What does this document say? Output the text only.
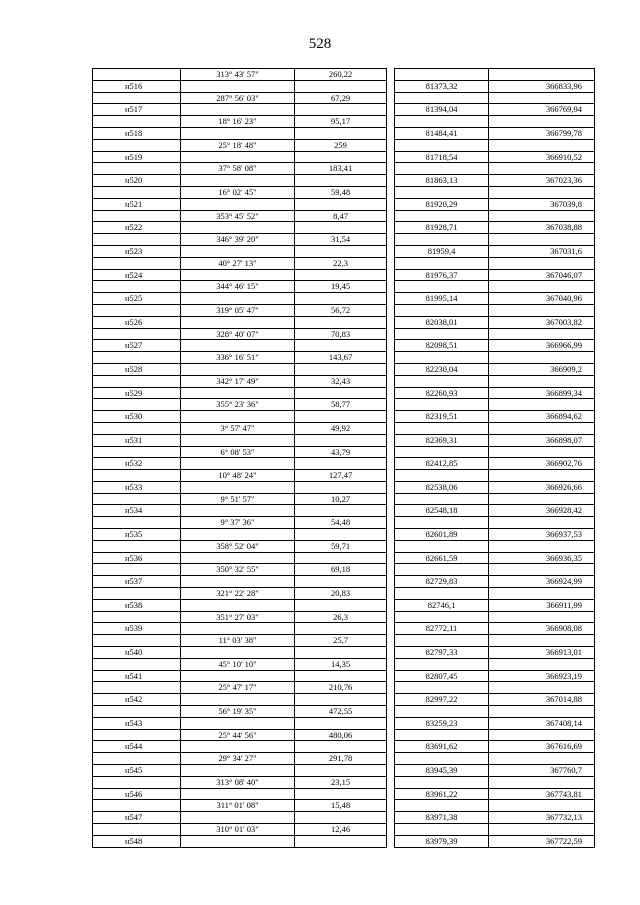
528
	313° 43' 57"	260,22			
н516				81373,32	366833,96
	287° 56' 03"	67,29			
н517				81394,04	366769,94
	18° 16' 23"	95,17			
н518				81484,41	366799,78
	25° 18' 48"	259			
н519				81718,54	366910,52
	37° 58' 08"	183,41			
н520				81863,13	367023,36
	16° 02' 45"	59,48			
н521				81920,29	367039,8
	353° 45' 52"	8,47			
н522				81928,71	367038,88
	346° 39' 20"	31,54			
н523				81959,4	367031,6
	40° 27' 13"	22,3			
н524				81976,37	367046,07
	344° 46' 15"	19,45			
н525				81995,14	367040,96
	319° 05' 47"	56,72			
н526				82038,01	367003,82
	328° 40' 07"	70,83			
н527				82098,51	366966,99
	336° 16' 51"	143,67			
н528				82230,04	366909,2
	342° 17' 49"	32,43			
н529				82260,93	366899,34
	355° 23' 36"	58,77			
н530				82319,51	366894,62
	3° 57' 47"	49,92			
н531				82369,31	366898,07
	6° 08' 53"	43,79			
н532				82412,85	366902,76
	10° 48' 24"	127,47			
н533				82538,06	366926,66
	9° 51' 57"	10,27			
н534				82548,18	366928,42
	9° 37' 36"	54,48			
н535				82601,89	366937,53
	358° 52' 04"	59,71			
н536				82661,59	366936,35
	350° 32' 55"	69,18			
н537				82729,83	366924,99
	321° 22' 28"	20,83			
н538				82746,1	366911,99
	351° 27' 03"	26,3			
н539				82772,11	366908,08
	11° 03' 38"	25,7			
н540				82797,33	366913,01
	45° 10' 10"	14,35			
н541				82807,45	366923,19
	25° 47' 17"	210,76			
н542				82997,22	367014,88
	56° 19' 35"	472,55			
н543				83259,23	367408,14
	25° 44' 56"	480,06			
н544				83691,62	367616,69
	29° 34' 27"	291,78			
н545				83945,39	367760,7
	313° 08' 40"	23,15			
н546				83961,22	367743,81
	311° 01' 08"	15,48			
н547				83971,38	367732,13
	310° 01' 03"	12,46			
н548				83979,39	367722,59
